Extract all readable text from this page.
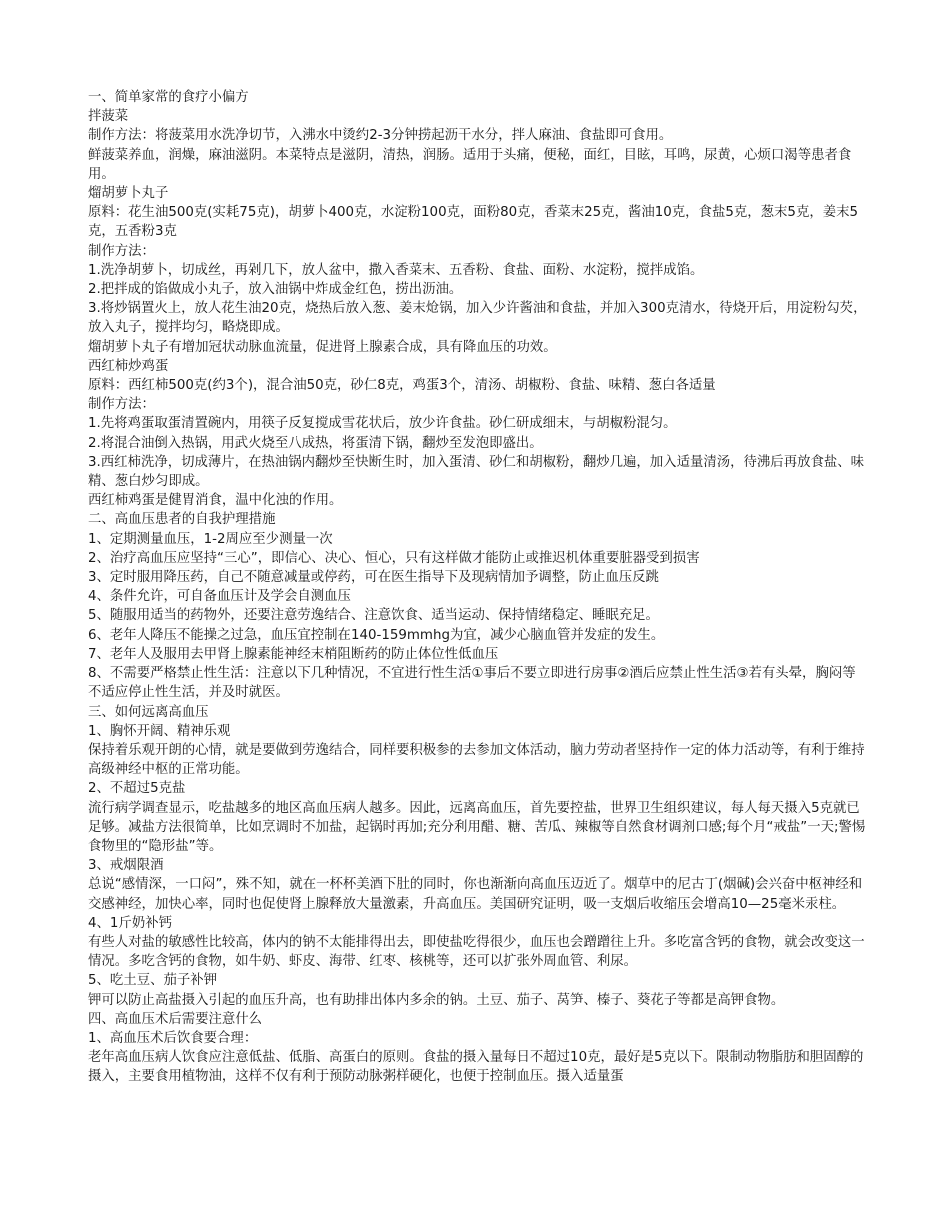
一、简单家常的食疗小偏方

拌菠菜

制作方法：将菠菜用水洗净切节，入沸水中烫约2-3分钟捞起沥干水分，拌人麻油、食盐即可食用。

鲜菠菜养血，润燥，麻油滋阴。本菜特点是滋阴，清热，润肠。适用于头痛，便秘，面红，目眩，耳鸣，尿黄，心烦口渴等患者食用。

熘胡萝卜丸子

原料：花生油500克(实耗75克)，胡萝卜400克，水淀粉100克，面粉80克，香菜末25克，酱油10克，食盐5克，葱末5克，姜末5克，五香粉3克

制作方法：

1.洗净胡萝卜，切成丝，再剁几下，放人盆中，撒入香菜末、五香粉、食盐、面粉、水淀粉，搅拌成馅。

2.把拌成的馅做成小丸子，放入油锅中炸成金红色，捞出沥油。

3.将炒锅置火上，放人花生油20克，烧热后放入葱、姜末炝锅，加入少许酱油和食盐，并加入300克清水，待烧开后，用淀粉勾芡，放入丸子，搅拌均匀，略烧即成。

熘胡萝卜丸子有增加冠状动脉血流量，促进肾上腺素合成，具有降血压的功效。

西红柿炒鸡蛋

原料：西红柿500克(约3个)，混合油50克，砂仁8克，鸡蛋3个，清汤、胡椒粉、食盐、味精、葱白各适量

制作方法：

1.先将鸡蛋取蛋清置碗内，用筷子反复搅成雪花状后，放少许食盐。砂仁研成细末，与胡椒粉混匀。

2.将混合油倒入热锅，用武火烧至八成热，将蛋清下锅，翻炒至发泡即盛出。

3.西红柿洗净，切成薄片，在热油锅内翻炒至快断生时，加入蛋清、砂仁和胡椒粉，翻炒几遍，加入适量清汤，待沸后再放食盐、味精、葱白炒匀即成。

西红柿鸡蛋是健胃消食，温中化浊的作用。

二、高血压患者的自我护理措施

1、定期测量血压，1-2周应至少测量一次

2、治疗高血压应坚持“三心”，即信心、决心、恒心，只有这样做才能防止或推迟机体重要脏器受到损害

3、定时服用降压药，自己不随意减量或停药，可在医生指导下及现病情加予调整，防止血压反跳

4、条件允许，可自备血压计及学会自测血压

5、随服用适当的药物外，还要注意劳逸结合、注意饮食、适当运动、保持情绪稳定、睡眠充足。

6、老年人降压不能操之过急，血压宜控制在140-159mmhg为宜，减少心脑血管并发症的发生。

7、老年人及服用去甲肾上腺素能神经末梢阻断药的防止体位性低血压

8、不需要严格禁止性生活：注意以下几种情况，不宜进行性生活①事后不要立即进行房事②酒后应禁止性生活③若有头晕，胸闷等不适应停止性生活，并及时就医。

三、如何远离高血压

1、胸怀开阔、精神乐观

保持着乐观开朗的心情，就是要做到劳逸结合，同样要积极参的去参加文体活动，脑力劳动者坚持作一定的体力活动等，有利于维持高级神经中枢的正常功能。

2、不超过5克盐

流行病学调查显示，吃盐越多的地区高血压病人越多。因此，远离高血压，首先要控盐，世界卫生组织建议，每人每天摄入5克就已足够。减盐方法很简单，比如烹调时不加盐，起锅时再加;充分利用醋、糖、苦瓜、辣椒等自然食材调剂口感;每个月“戒盐”一天;警惕食物里的“隐形盐”等。

3、戒烟限酒

总说“感情深，一口闷”，殊不知，就在一杯杯美酒下肚的同时，你也渐渐向高血压迈近了。烟草中的尼古丁(烟碱)会兴奋中枢神经和交感神经，加快心率，同时也促使肾上腺释放大量激素，升高血压。美国研究证明，吸一支烟后收缩压会增高10—25毫米汞柱。

4、1斤奶补钙

有些人对盐的敏感性比较高，体内的钠不太能排得出去，即使盐吃得很少，血压也会蹭蹭往上升。多吃富含钙的食物，就会改变这一情况。多吃含钙的食物，如牛奶、虾皮、海带、红枣、核桃等，还可以扩张外周血管、利尿。

5、吃土豆、茄子补钾

钾可以防止高盐摄入引起的血压升高，也有助排出体内多余的钠。土豆、茄子、莴笋、榛子、葵花子等都是高钾食物。

四、高血压术后需要注意什么

1、高血压术后饮食要合理：

老年高血压病人饮食应注意低盐、低脂、高蛋白的原则。食盐的摄入量每日不超过10克，最好是5克以下。限制动物脂肪和胆固醇的摄入，主要食用植物油，这样不仅有利于预防动脉粥样硬化，也便于控制血压。摄入适量蛋
